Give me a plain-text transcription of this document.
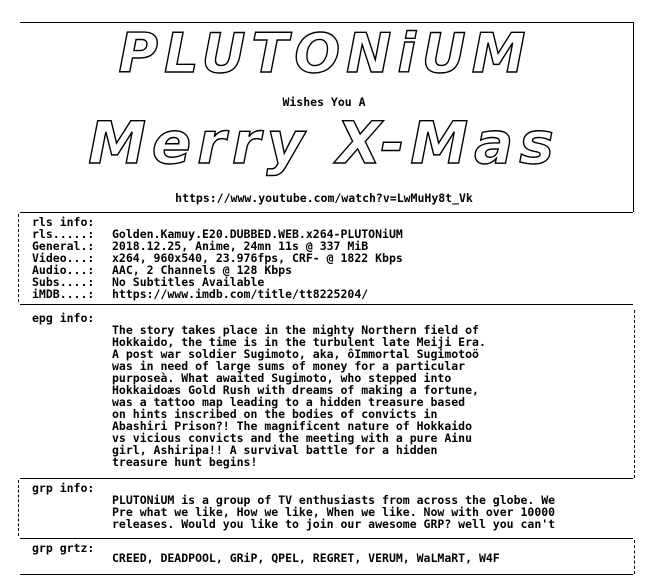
PLUTONiUM
Wishes You A
Merry X-Mas
https://www.youtube.com/watch?v=LwMuHy8t_Vk
rls info:
rls.....: Golden.Kamuy.E20.DUBBED.WEB.x264-PLUTONiUM
General.: 2018.12.25, Anime, 24mn 11s @ 337 MiB
Video...: x264, 960x540, 23.976fps, CRF- @ 1822 Kbps
Audio...: AAC, 2 Channels @ 128 Kbps
Subs....: No Subtitles Available
iMDB....: https://www.imdb.com/title/tt8225204/
epg info:
The story takes place in the mighty Northern field of
Hokkaido, the time is in the turbulent late Meiji Era.
A post war soldier Sugimoto, aka, ôImmortal Sugimotoö
was in need of large sums of money for a particular
purposeà. What awaited Sugimoto, who stepped into
Hokkaidoæs Gold Rush with dreams of making a fortune,
was a tattoo map leading to a hidden treasure based
on hints inscribed on the bodies of convicts in
Abashiri Prison?! The magnificent nature of Hokkaido
vs vicious convicts and the meeting with a pure Ainu
girl, Ashiripa!! A survival battle for a hidden
treasure hunt begins!
grp info:
PLUTONiUM is a group of TV enthusiasts from across the globe. We
Pre what we like, How we like, When we like. Now with over 10000
releases. Would you like to join our awesome GRP? well you can't
grp grtz:
CREED, DEADPOOL, GRiP, QPEL, REGRET, VERUM, WaLMaRT, W4F
